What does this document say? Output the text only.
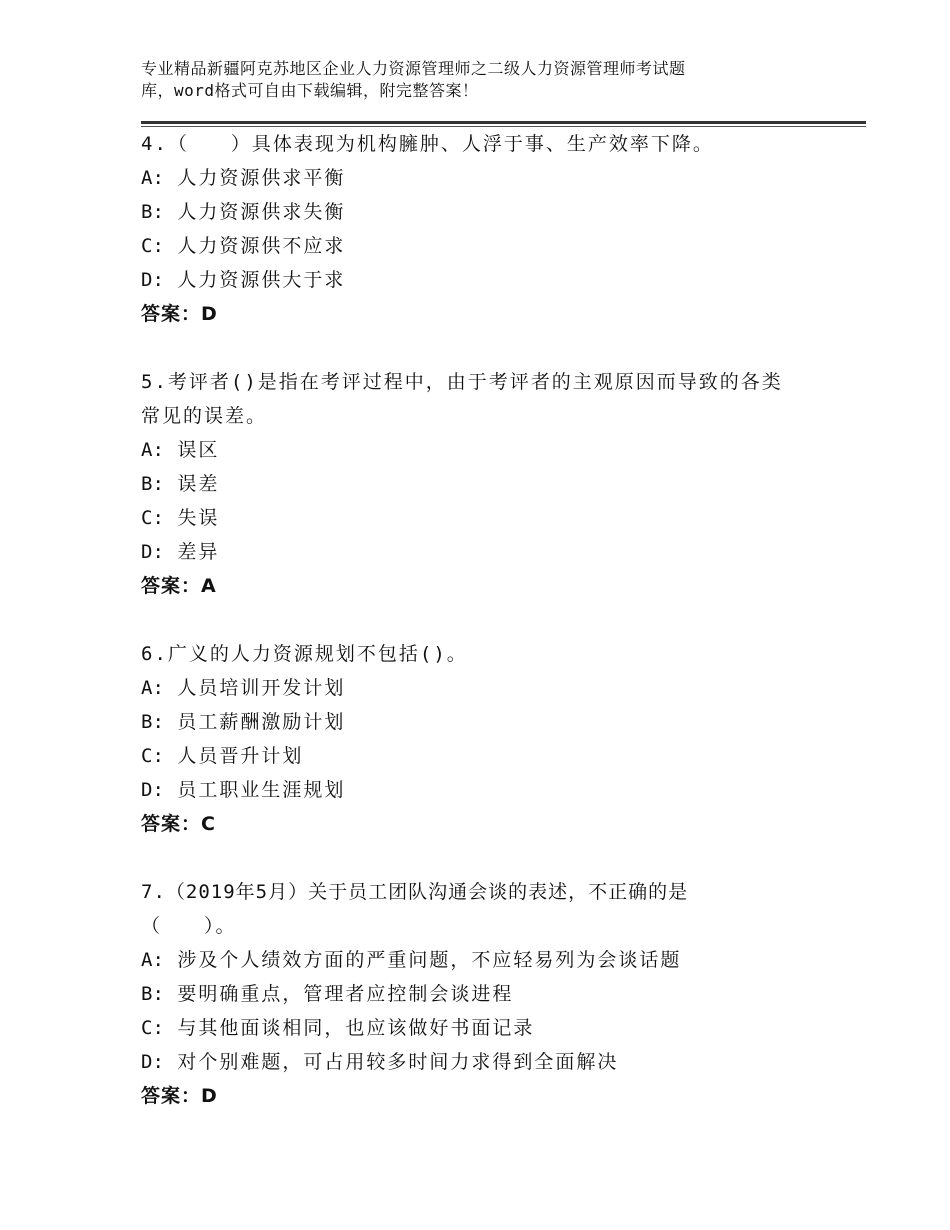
专业精品新疆阿克苏地区企业人力资源管理师之二级人力资源管理师考试题
库，word格式可自由下载编辑，附完整答案！
4.（　　）具体表现为机构臃肿、人浮于事、生产效率下降。
A: 人力资源供求平衡
B: 人力资源供求失衡
C: 人力资源供不应求
D: 人力资源供大于求
答案：D
5.考评者()是指在考评过程中，由于考评者的主观原因而导致的各类
常见的误差。
A: 误区
B: 误差
C: 失误
D: 差异
答案：A
6.广义的人力资源规划不包括()。
A: 人员培训开发计划
B: 员工薪酬激励计划
C: 人员晋升计划
D: 员工职业生涯规划
答案：C
7.（2019年5月）关于员工团队沟通会谈的表述，不正确的是
（　　）。
A: 涉及个人绩效方面的严重问题，不应轻易列为会谈话题
B: 要明确重点，管理者应控制会谈进程
C: 与其他面谈相同，也应该做好书面记录
D: 对个别难题，可占用较多时间力求得到全面解决
答案：D
